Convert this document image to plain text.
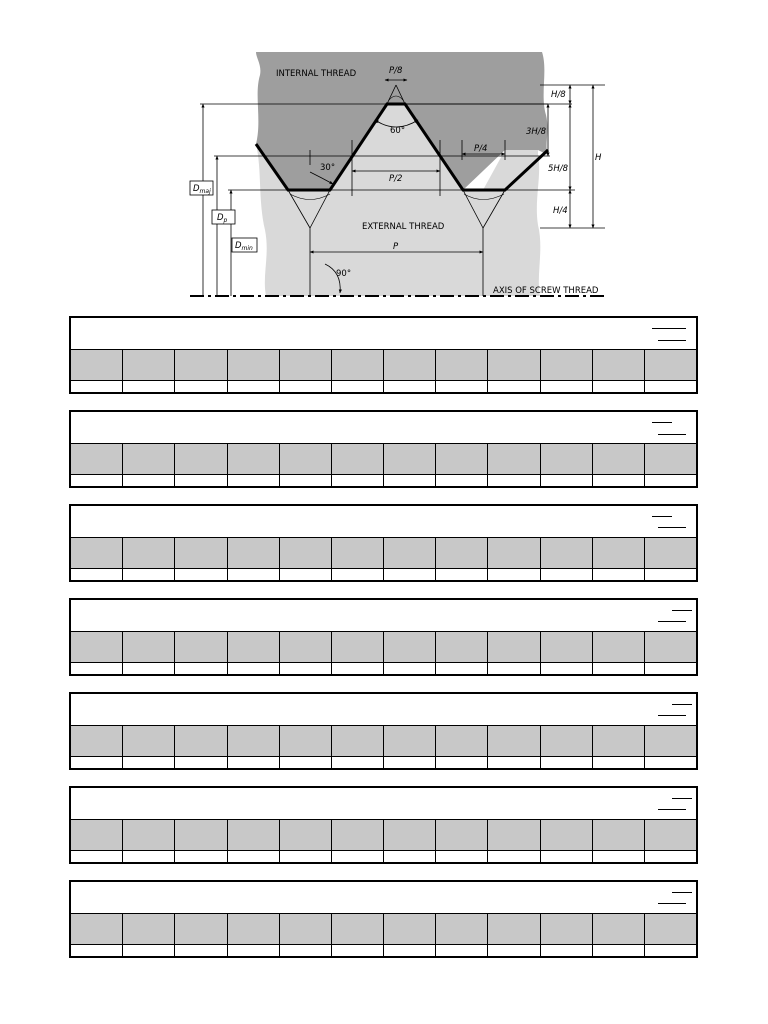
INTERNAL THREAD
EXTERNAL THREAD
AXIS OF SCREW THREAD
P/8
P/4
P/2
P
H/8
3H/8
5H/8
H/4
H
60°
30°
90°
$D_{maj}$
$D_p$
$D_{min}$
